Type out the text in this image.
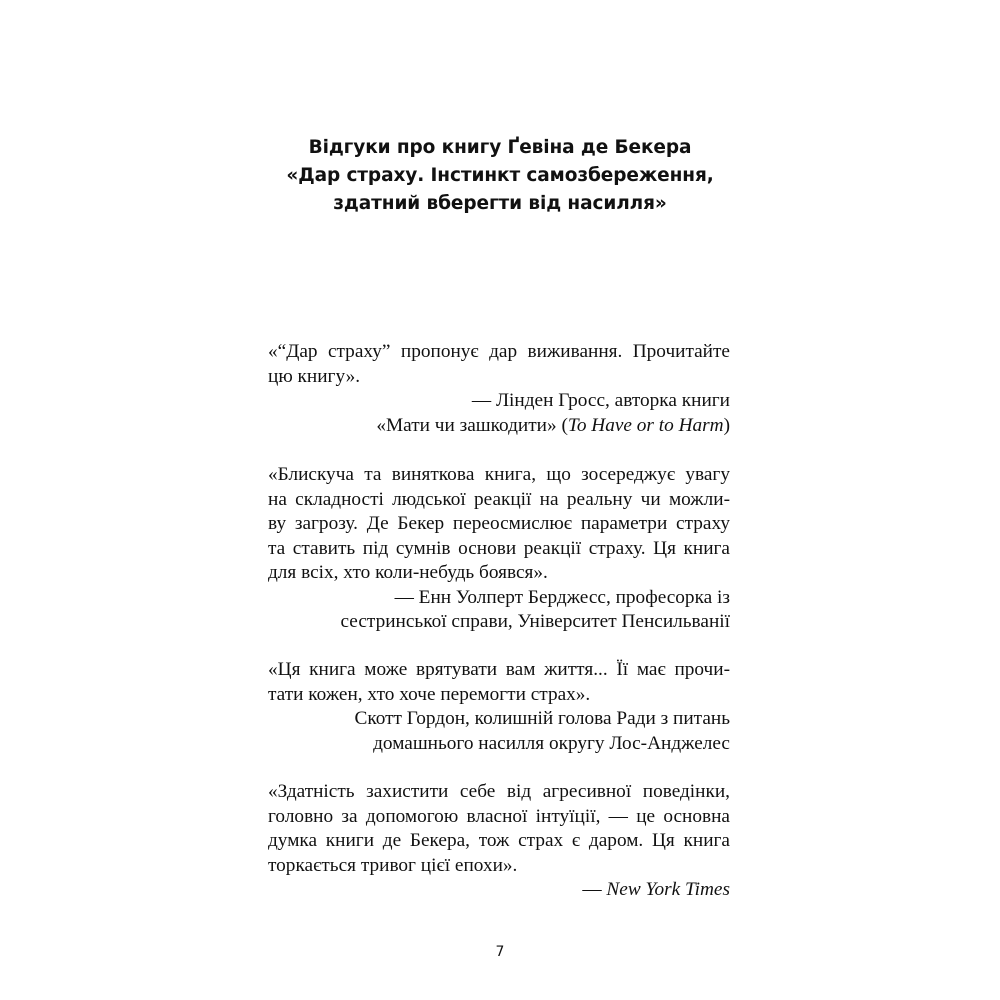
Відгуки про книгу Ґевіна де Бекера
«Дар страху. Інстинкт самозбереження,
здатний вберегти від насилля»
«“Дар страху” пропонує дар виживання. Прочитайте
цю книгу».
— Лінден Гросс, авторка книги
«Мати чи зашкодити» (To Have or to Harm)
«Блискуча та винятковa книга, що зосереджує увагу
на складності людської реакції на реальну чи можли-
ву загрозу. Де Бекер переосмислює параметри страху
та ставить під сумнів основи реакції страху. Ця книга
для всіх, хто коли-небудь боявся».
— Енн Уолперт Берджесс, професорка із
сестринської справи, Університет Пенсильванії
«Ця книга може врятувати вам життя... Її має прочи-
тати кожен, хто хоче перемогти страх».
Скотт Гордон, колишній голова Ради з питань
домашнього насилля округу Лос-Анджелес
«Здатність захистити себе від агресивної поведінки,
головно за допомогою власної інтуїції, — це основна
думка книги де Бекера, тож страх є даром. Ця книга
торкається тривог цієї епохи».
— New York Times
7
